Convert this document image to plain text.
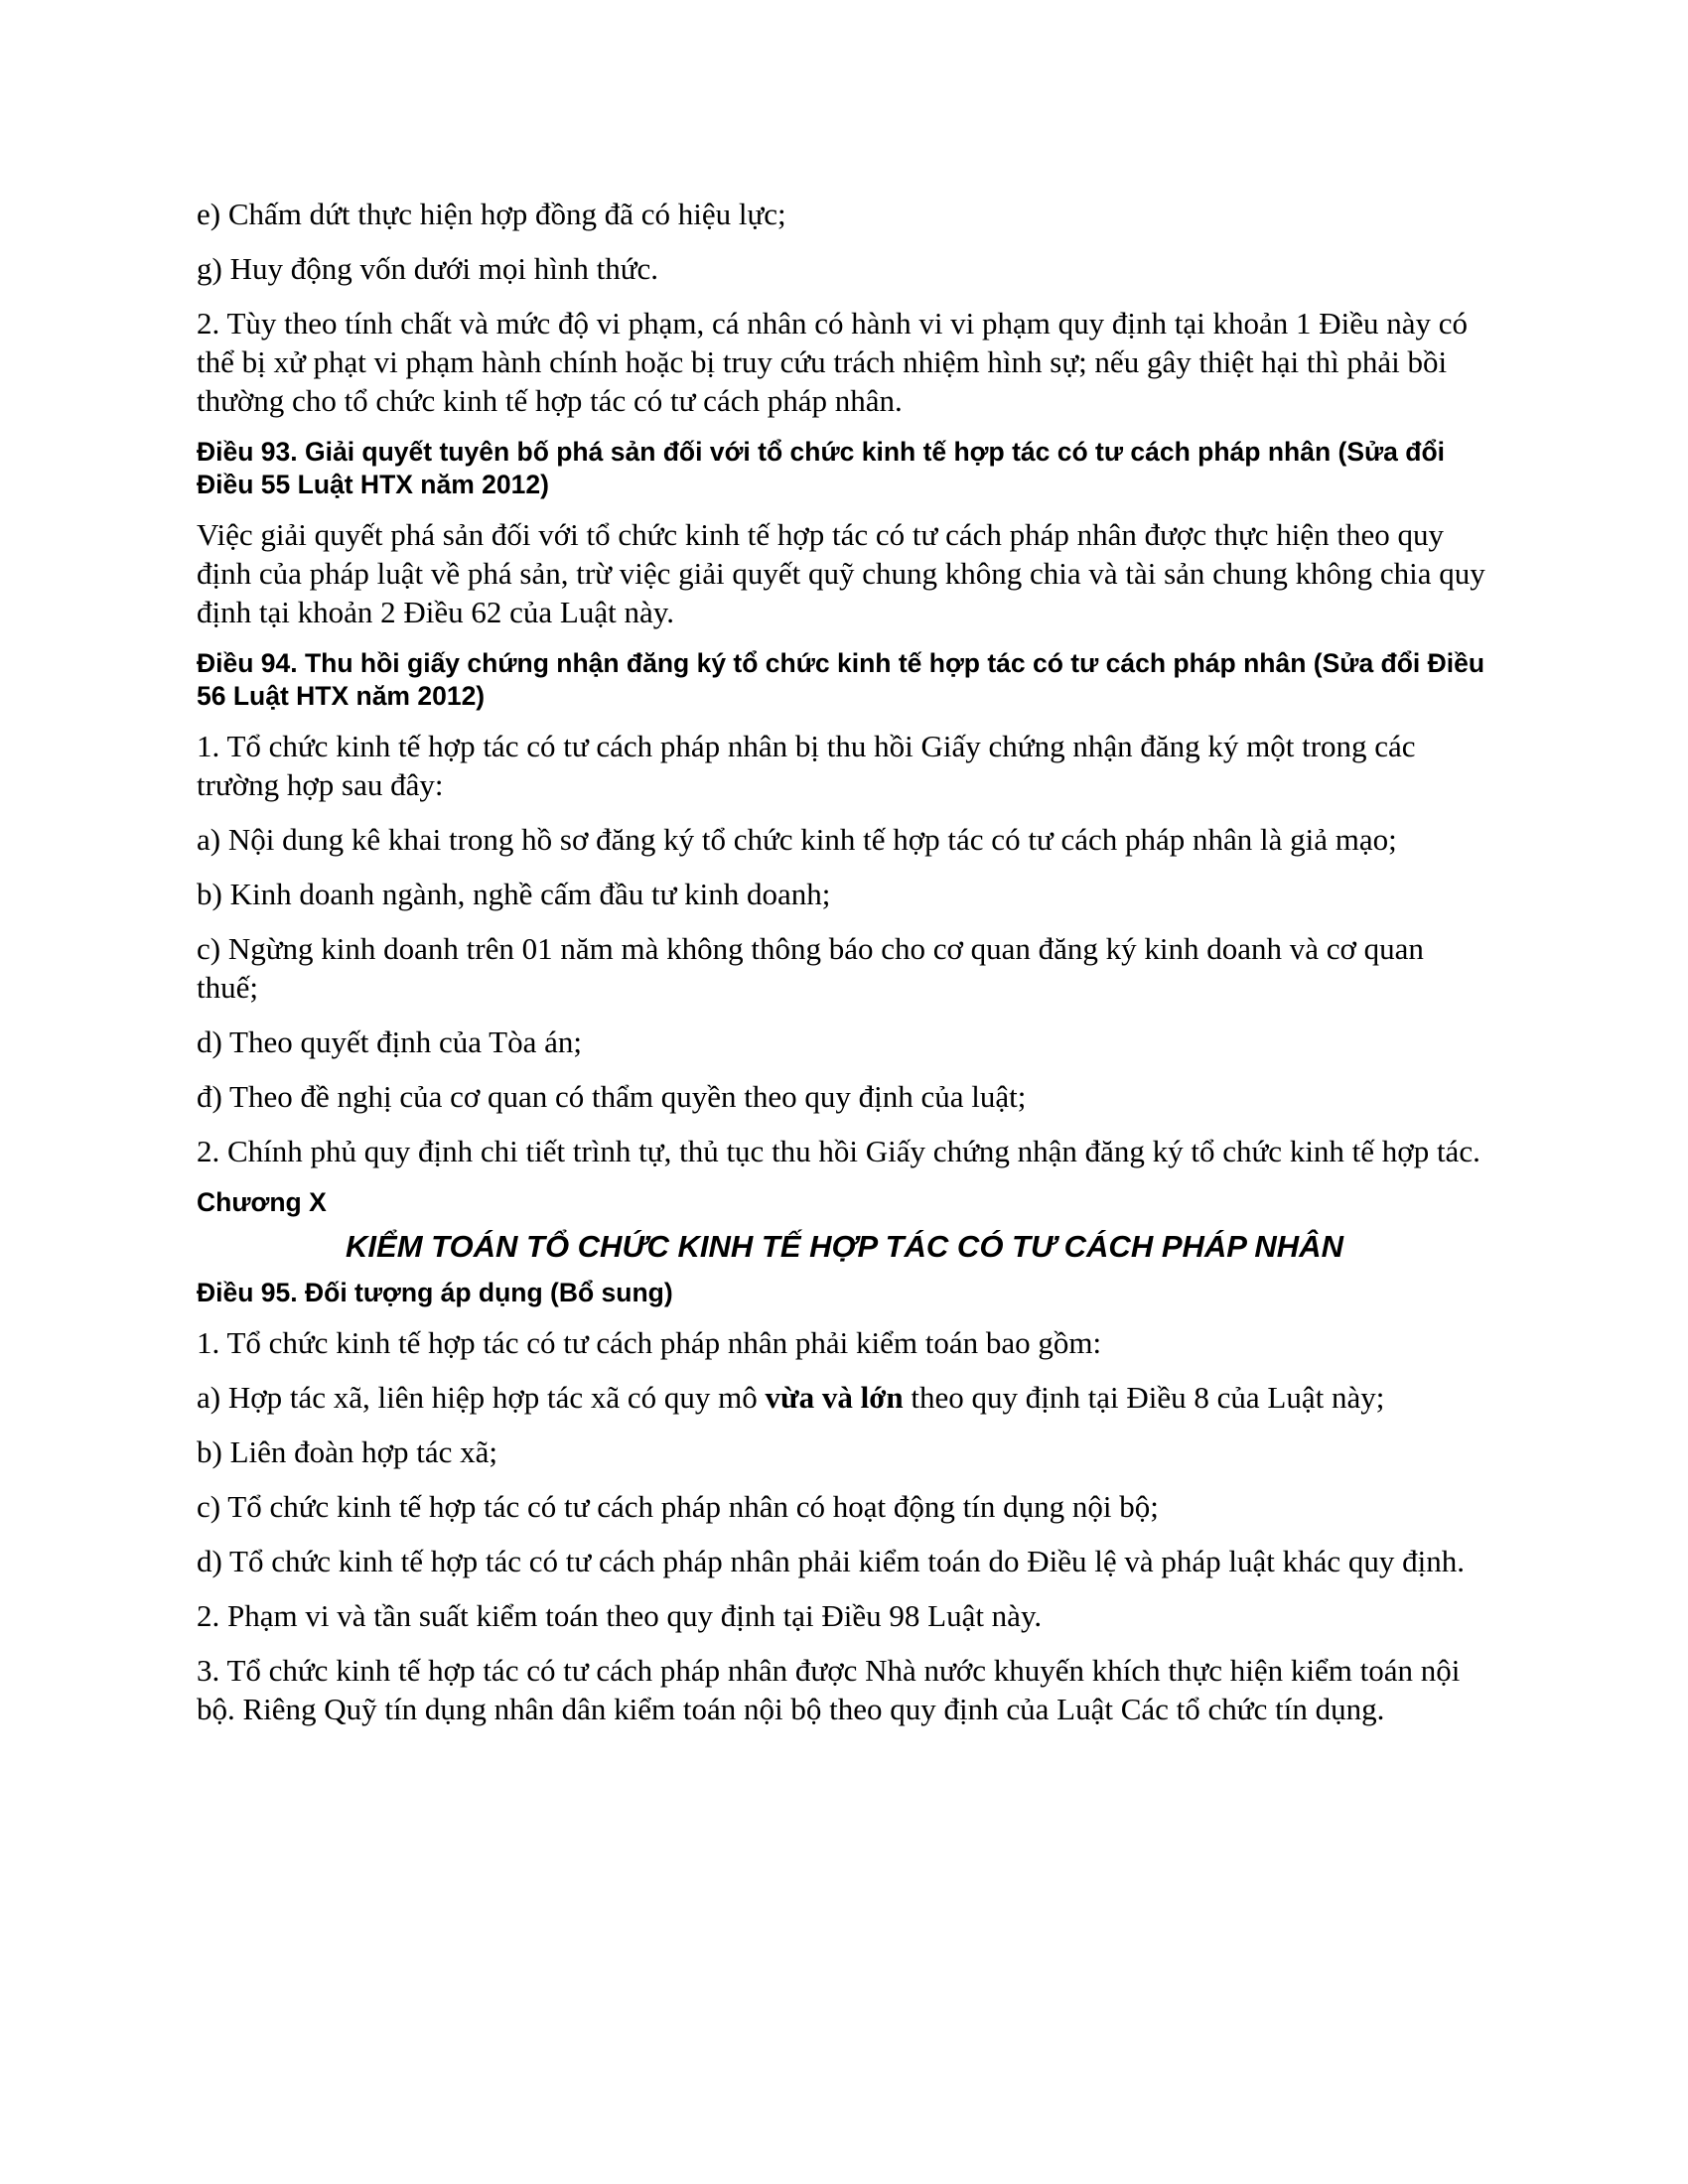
e) Chấm dứt thực hiện hợp đồng đã có hiệu lực;

g) Huy động vốn dưới mọi hình thức.

2. Tùy theo tính chất và mức độ vi phạm, cá nhân có hành vi vi phạm quy định tại khoản 1 Điều này có thể bị xử phạt vi phạm hành chính hoặc bị truy cứu trách nhiệm hình sự; nếu gây thiệt hại thì phải bồi thường cho tổ chức kinh tế hợp tác có tư cách pháp nhân.

Điều 93. Giải quyết tuyên bố phá sản đối với tổ chức kinh tế hợp tác có tư cách pháp nhân (Sửa đổi Điều 55 Luật HTX năm 2012)

Việc giải quyết phá sản đối với tổ chức kinh tế hợp tác có tư cách pháp nhân được thực hiện theo quy định của pháp luật về phá sản, trừ việc giải quyết quỹ chung không chia và tài sản chung không chia quy định tại khoản 2 Điều 62 của Luật này.

Điều 94. Thu hồi giấy chứng nhận đăng ký tổ chức kinh tế hợp tác có tư cách pháp nhân (Sửa đổi Điều 56 Luật HTX năm 2012)

1. Tổ chức kinh tế hợp tác có tư cách pháp nhân bị thu hồi Giấy chứng nhận đăng ký một trong các trường hợp sau đây:

a) Nội dung kê khai trong hồ sơ đăng ký tổ chức kinh tế hợp tác có tư cách pháp nhân là giả mạo;

b) Kinh doanh ngành, nghề cấm đầu tư kinh doanh;

c) Ngừng kinh doanh trên 01 năm mà không thông báo cho cơ quan đăng ký kinh doanh và cơ quan thuế;

d) Theo quyết định của Tòa án;

đ) Theo đề nghị của cơ quan có thẩm quyền theo quy định của luật;

2. Chính phủ quy định chi tiết trình tự, thủ tục thu hồi Giấy chứng nhận đăng ký tổ chức kinh tế hợp tác.

Chương X

KIỂM TOÁN TỔ CHỨC KINH TẾ HỢP TÁC CÓ TƯ CÁCH PHÁP NHÂN

Điều 95. Đối tượng áp dụng (Bổ sung)

1. Tổ chức kinh tế hợp tác có tư cách pháp nhân phải kiểm toán bao gồm:

a) Hợp tác xã, liên hiệp hợp tác xã có quy mô vừa và lớn theo quy định tại Điều 8 của Luật này;

b) Liên đoàn hợp tác xã;

c) Tổ chức kinh tế hợp tác có tư cách pháp nhân có hoạt động tín dụng nội bộ;

d) Tổ chức kinh tế hợp tác có tư cách pháp nhân phải kiểm toán do Điều lệ và pháp luật khác quy định.

2. Phạm vi và tần suất kiểm toán theo quy định tại Điều 98 Luật này.

3. Tổ chức kinh tế hợp tác có tư cách pháp nhân được Nhà nước khuyến khích thực hiện kiểm toán nội bộ. Riêng Quỹ tín dụng nhân dân kiểm toán nội bộ theo quy định của Luật Các tổ chức tín dụng.
